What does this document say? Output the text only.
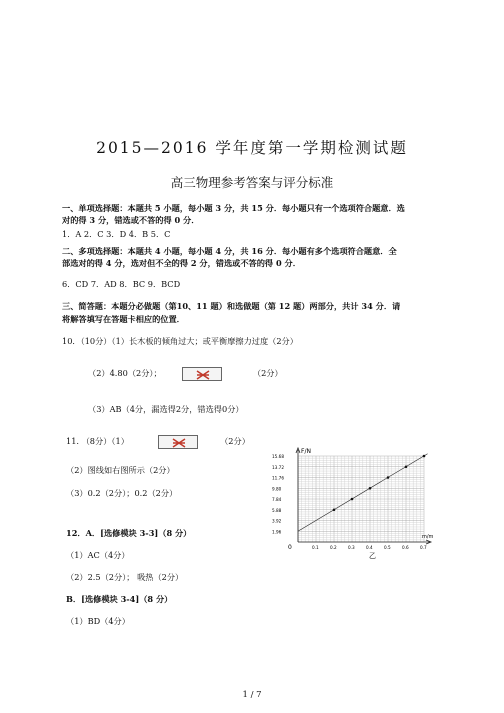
2015—2016 学年度第一学期检测试题
高三物理参考答案与评分标准
一、单项选择题：本题共 5 小题，每小题 3 分，共 15 分．每小题只有一个选项符合题意．选
对的得 3 分，错选或不答的得 0 分．
1．A 2．C 3．D 4．B 5．C
二、多项选择题：本题共 4 小题，每小题 4 分，共 16 分．每小题有多个选项符合题意．全
部选对的得 4 分，选对但不全的得 2 分，错选或不答的得 0 分．
6．CD 7．AD 8．BC 9．BCD
三、简答题：本题分必做题（第10、11 题）和选做题（第 12 题）两部分，共计 34 分．请
将解答填写在答题卡相应的位置．
10．（10分）（1）长木板的倾角过大；或平衡摩擦力过度（2分）
（2）4.80（2分）；	（2分）
（3）AB（4分，漏选得2分，错选得0分）
11. （8分）（1）	（2分）
（2）图线如右图所示（2分）
（3）0.2（2分）；0.2（2分）
F/N
m/m
0
乙
15.68
13.72
11.76
9.80
7.84
5.88
3.92
1.96
0.1	0.2	0.3	0.4	0.5	0.6	0.7
12．A．[选修模块 3-3]（8 分）
（1）AC（4分）
（2）2.5（2分）； 吸热（2分）
B．[选修模块 3-4]（8 分）
（1）BD（4分）
1 / 7
